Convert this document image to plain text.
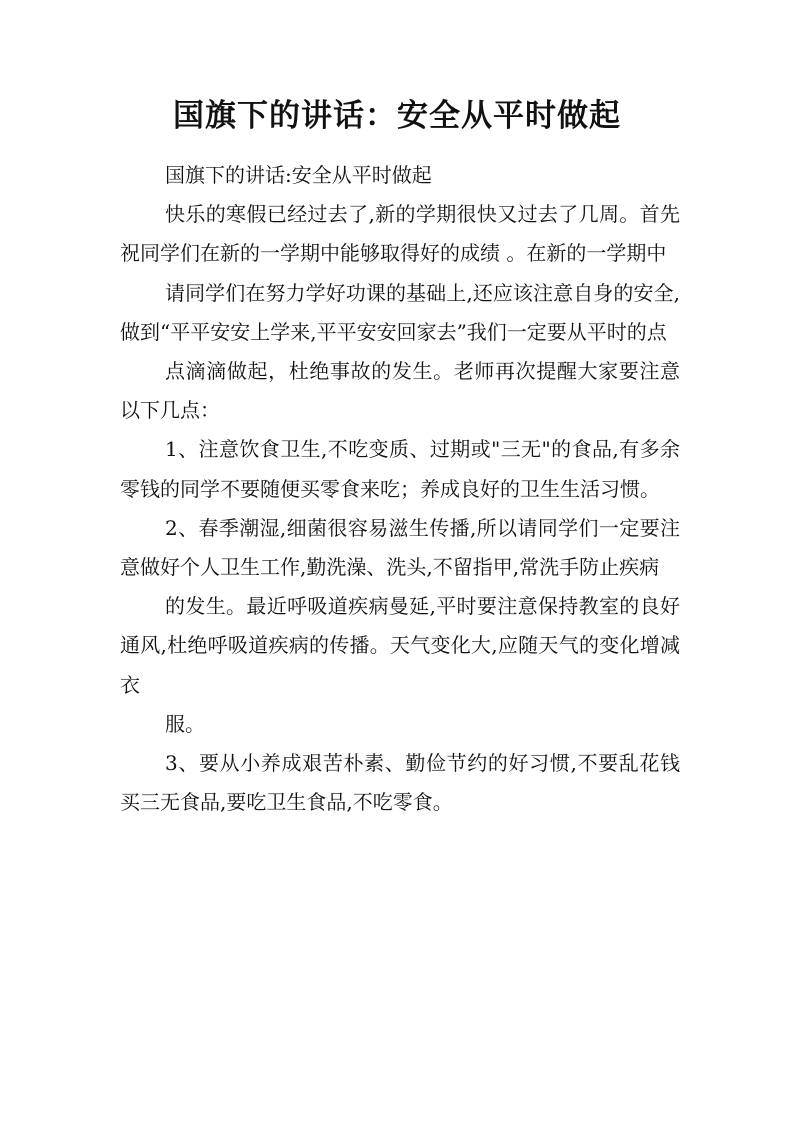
国旗下的讲话：安全从平时做起

国旗下的讲话:安全从平时做起

快乐的寒假已经过去了,新的学期很快又过去了几周。首先祝同学们在新的一学期中能够取得好的成绩 。在新的一学期中

请同学们在努力学好功课的基础上,还应该注意自身的安全,做到“平平安安上学来,平平安安回家去”我们一定要从平时的点

点滴滴做起，杜绝事故的发生。老师再次提醒大家要注意以下几点：

1、注意饮食卫生,不吃变质、过期或"三无"的食品,有多余零钱的同学不要随便买零食来吃；养成良好的卫生生活习惯。

2、春季潮湿,细菌很容易滋生传播,所以请同学们一定要注意做好个人卫生工作,勤洗澡、洗头,不留指甲,常洗手防止疾病

的发生。最近呼吸道疾病曼延,平时要注意保持教室的良好通风,杜绝呼吸道疾病的传播。天气变化大,应随天气的变化增减衣

服。

3、要从小养成艰苦朴素、勤俭节约的好习惯,不要乱花钱买三无食品,要吃卫生食品,不吃零食。
